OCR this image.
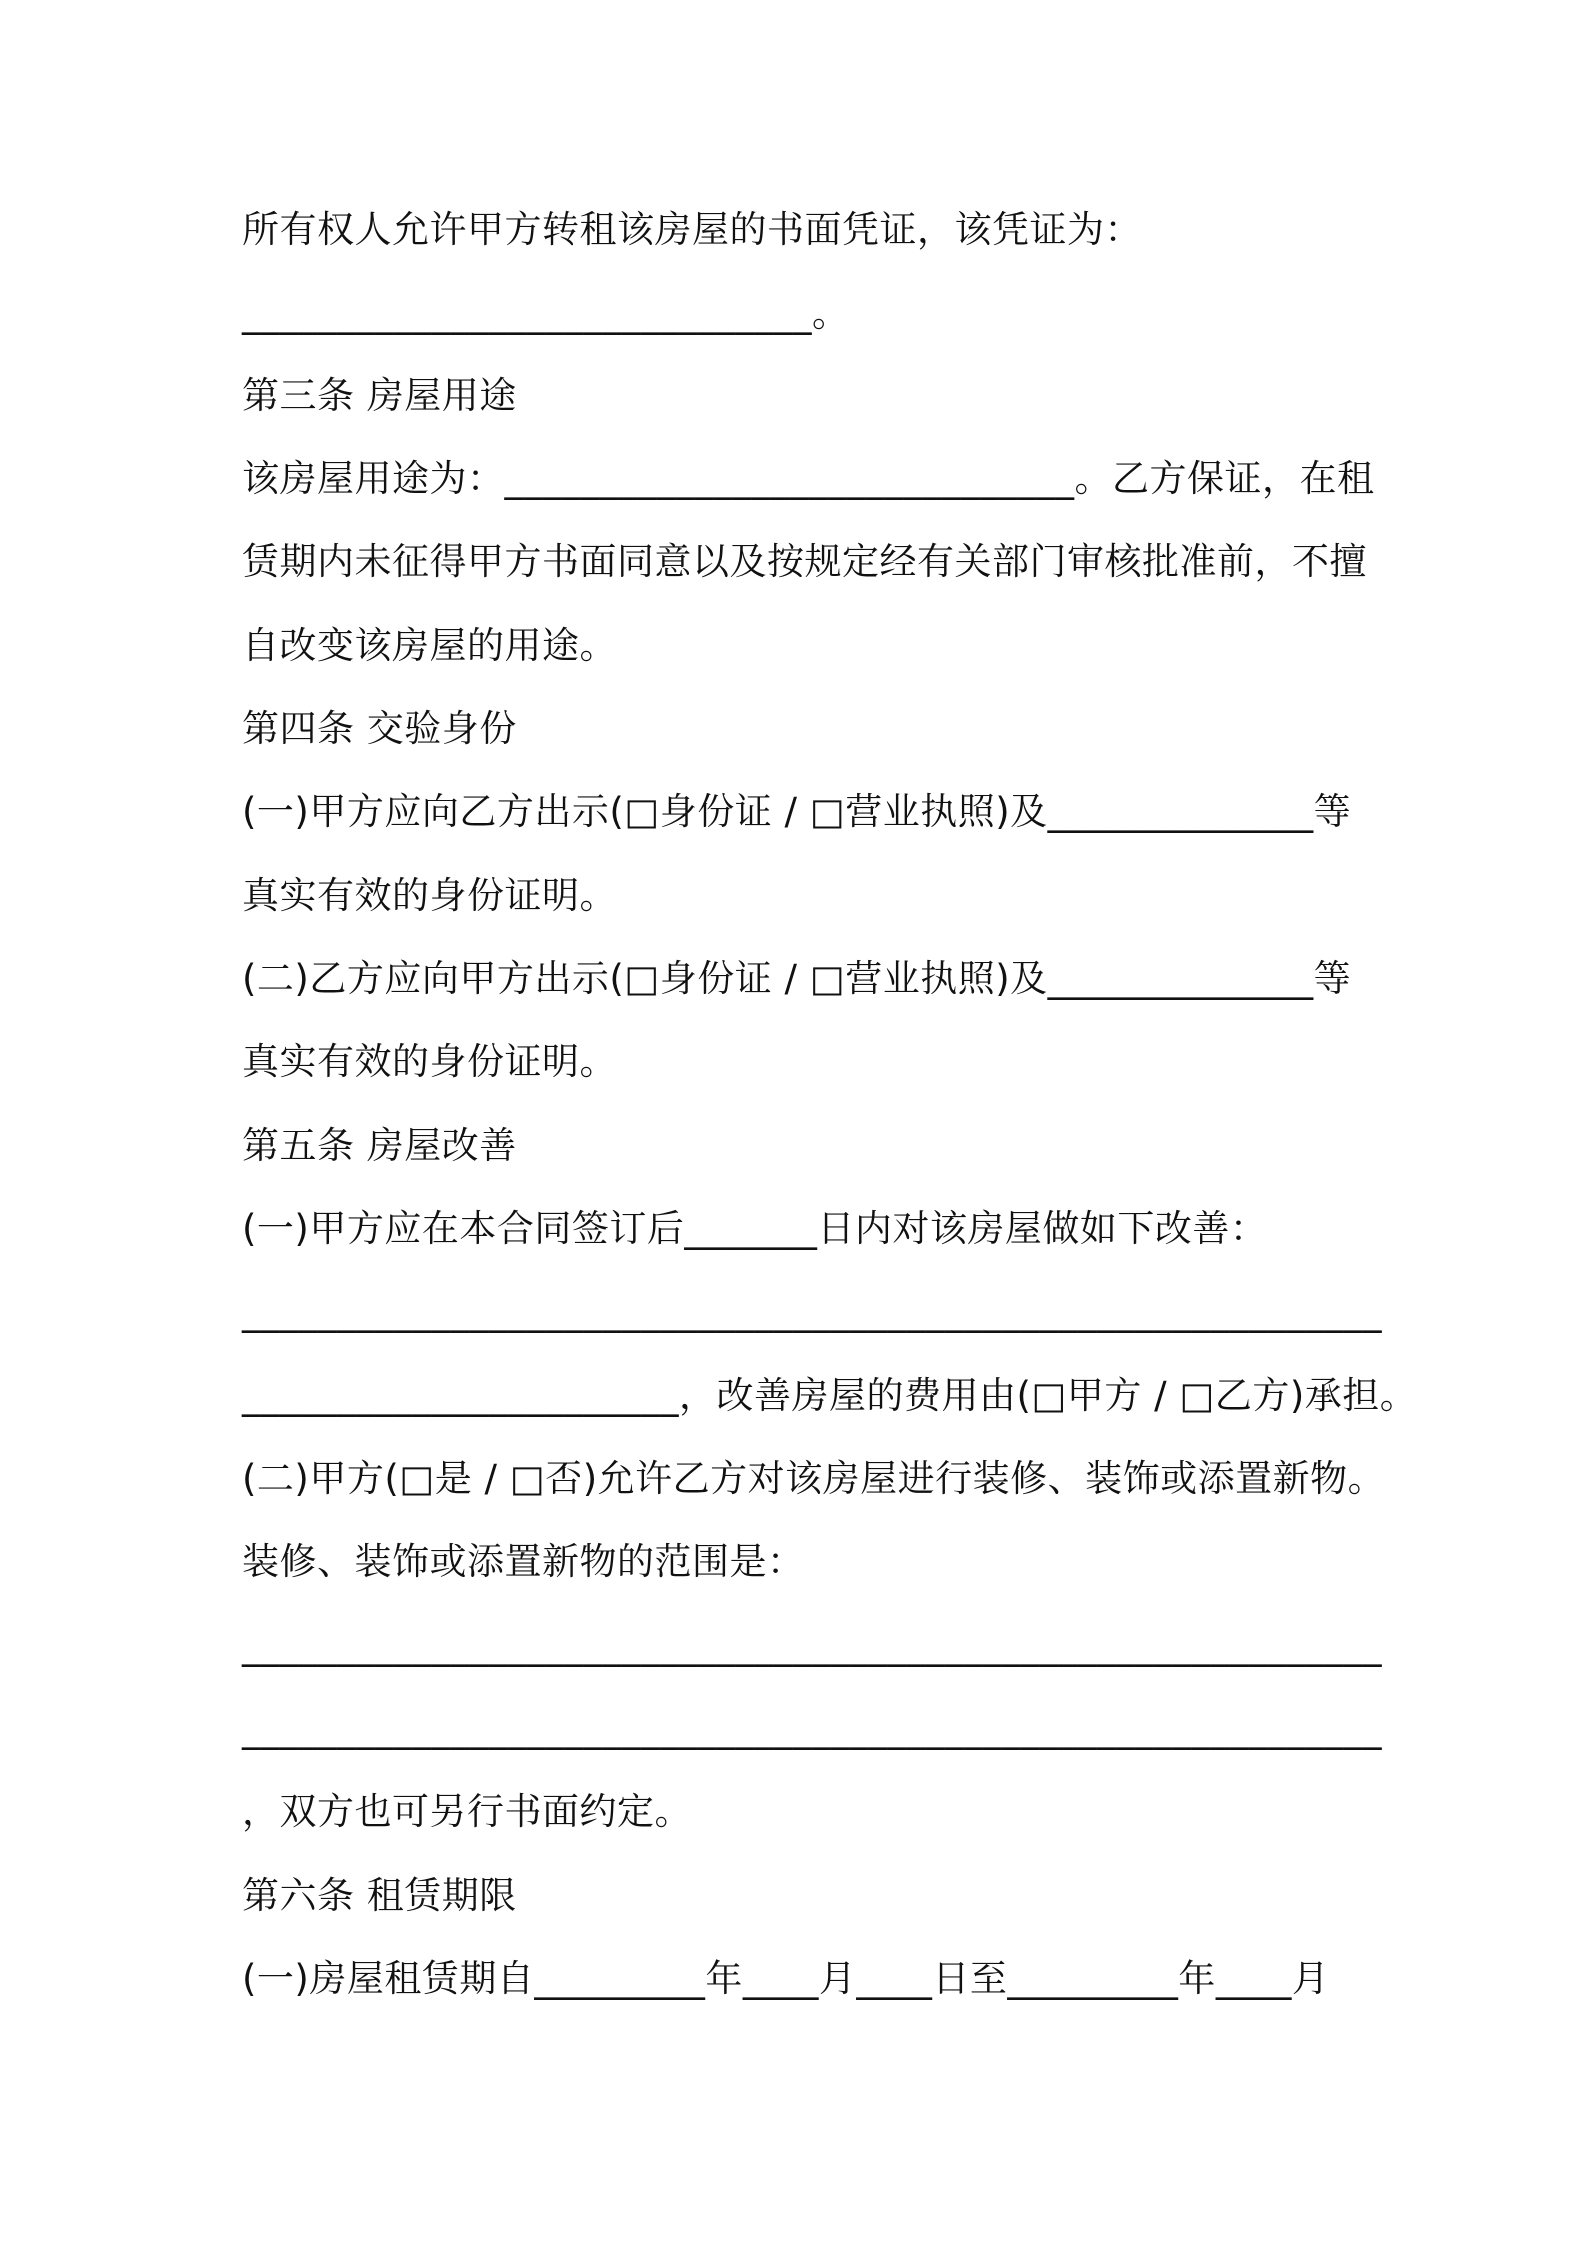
所有权人允许甲方转租该房屋的书面凭证，该凭证为：
______________________________。
第三条 房屋用途
该房屋用途为：______________________________。乙方保证，在租
赁期内未征得甲方书面同意以及按规定经有关部门审核批准前，不擅
自改变该房屋的用途。
第四条 交验身份
(一)甲方应向乙方出示(□身份证 / □营业执照)及______________等
真实有效的身份证明。
(二)乙方应向甲方出示(□身份证 / □营业执照)及______________等
真实有效的身份证明。
第五条 房屋改善
(一)甲方应在本合同签订后_______日内对该房屋做如下改善：
____________________________________________________________
_______________________，改善房屋的费用由(□甲方 / □乙方)承担。
(二)甲方(□是 / □否)允许乙方对该房屋进行装修、装饰或添置新物。
装修、装饰或添置新物的范围是：
____________________________________________________________
____________________________________________________________
，双方也可另行书面约定。
第六条 租赁期限
(一)房屋租赁期自_________年____月____日至_________年____月
